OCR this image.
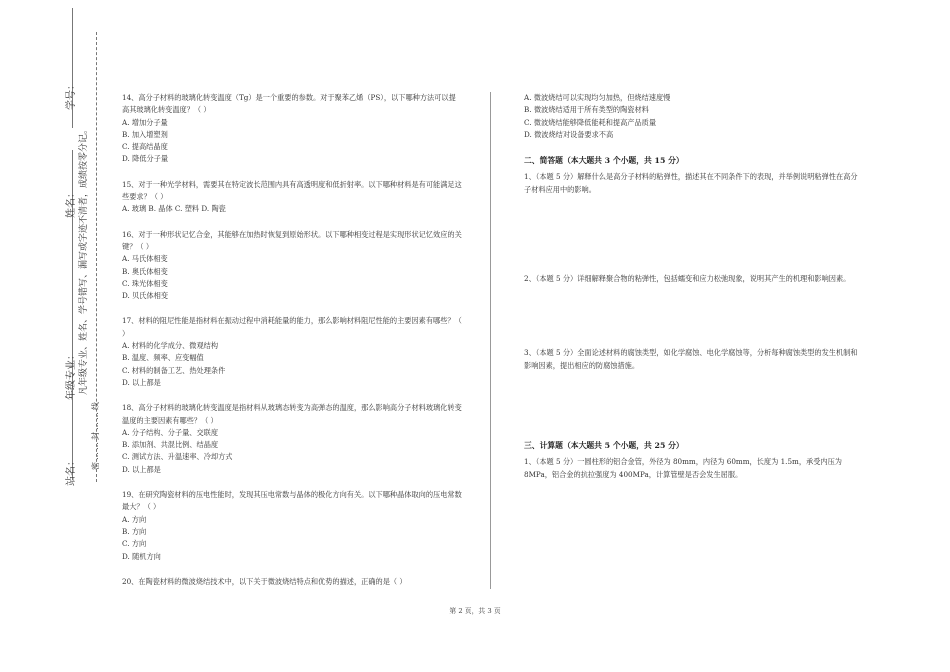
学号：
姓名：
年级专业：
站名：
凡年级专业、姓名、学号错写、漏写或字迹不清者，成绩按零分记。
密……封……线

14、高分子材料的玻璃化转变温度（Tg）是一个重要的参数。对于聚苯乙烯（PS），以下哪种方法可以提高其玻璃化转变温度？（ ）

A. 增加分子量

B. 加入增塑剂

C. 提高结晶度

D. 降低分子量

15、对于一种光学材料，需要其在特定波长范围内具有高透明度和低折射率。以下哪种材料是有可能满足这些要求？（ ）

A. 玻璃 B. 晶体 C. 塑料 D. 陶瓷

16、对于一种形状记忆合金，其能够在加热时恢复到原始形状。以下哪种相变过程是实现形状记忆效应的关键？（ ）

A. 马氏体相变

B. 奥氏体相变

C. 珠光体相变

D. 贝氏体相变

17、材料的阻尼性能是指材料在振动过程中消耗能量的能力，那么影响材料阻尼性能的主要因素有哪些？（ ）

A. 材料的化学成分、微观结构

B. 温度、频率、应变幅值

C. 材料的制备工艺、热处理条件

D. 以上都是

18、高分子材料的玻璃化转变温度是指材料从玻璃态转变为高弹态的温度，那么影响高分子材料玻璃化转变温度的主要因素有哪些？（ ）

A. 分子结构、分子量、交联度

B. 添加剂、共混比例、结晶度

C. 测试方法、升温速率、冷却方式

D. 以上都是

19、在研究陶瓷材料的压电性能时，发现其压电常数与晶体的极化方向有关。以下哪种晶体取向的压电常数最大？（ ）

A. 方向

B. 方向

C. 方向

D. 随机方向

20、在陶瓷材料的微波烧结技术中，以下关于微波烧结特点和优势的描述，正确的是（ ）

A. 微波烧结可以实现均匀加热，但烧结速度慢

B. 微波烧结适用于所有类型的陶瓷材料

C. 微波烧结能够降低能耗和提高产品质量

D. 微波烧结对设备要求不高

二、简答题（本大题共 3 个小题，共 15 分）

1、（本题 5 分）解释什么是高分子材料的粘弹性，描述其在不同条件下的表现，并举例说明粘弹性在高分子材料应用中的影响。

2、（本题 5 分）详细解释聚合物的粘弹性，包括蠕变和应力松弛现象，说明其产生的机理和影响因素。

3、（本题 5 分）全面论述材料的腐蚀类型，如化学腐蚀、电化学腐蚀等，分析每种腐蚀类型的发生机制和影响因素，提出相应的防腐蚀措施。

三、计算题（本大题共 5 个小题，共 25 分）

1、（本题 5 分）一圆柱形的铝合金管，外径为 80mm，内径为 60mm，长度为 1.5m，承受内压为 8MPa，铝合金的抗拉强度为 400MPa，计算管壁是否会发生屈服。

第 2 页，共 3 页
